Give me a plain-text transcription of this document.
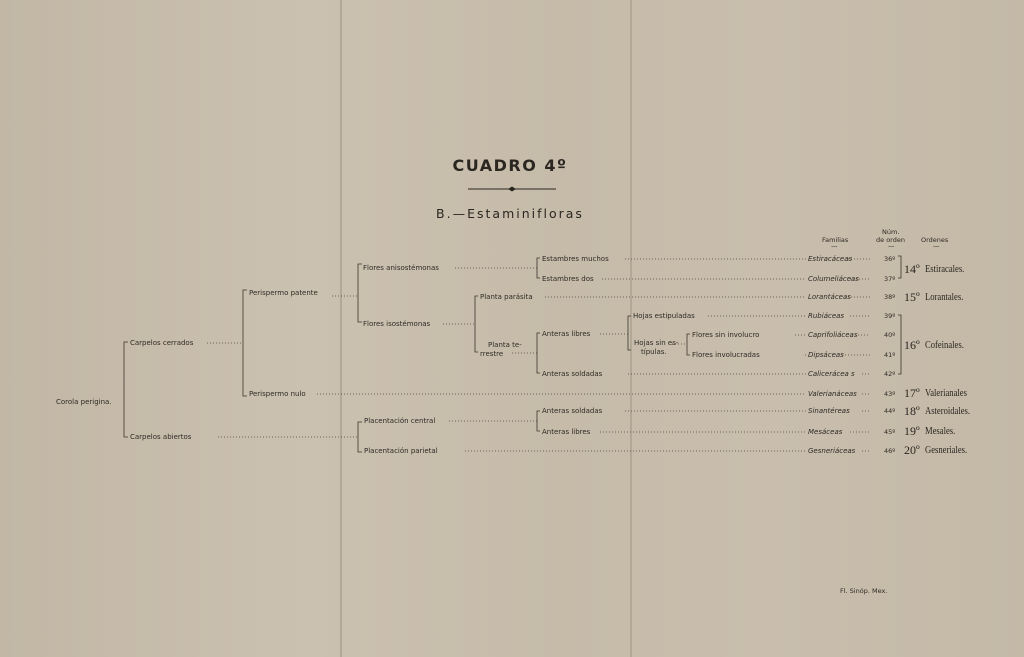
CUADRO 4º
B.—Estaminifloras
Familias
—
Núm.
de orden
—
Ordenes
—
Corola perigina.
Carpelos cerrados
Carpelos abiertos
Perispermo patente
Perispermo nulo
Flores anisostémonas
Flores isostémonas
Estambres muchos
Estambres dos
Planta parásita
Planta te-
rrestre
Anteras libres
Anteras soldadas
Hojas estipuladas
Hojas sin es-
típulas.
Flores sin involucro
Flores involucradas
Placentación central
Placentación parietal
Anteras soldadas
Anteras libres
Estiracáceas
Columeliáceas
Lorantáceas
Rubiáceas
Caprifoliáceas
Dipsáceas
Calicerácea s
Valerianáceas
Sinantéreas
Mesáceas
Gesneriáceas
36º
37º
38º
39º
40º
41º
42º
43º
44º
45º
46º
14º Estiracales.
15º Lorantales.
16º Cofeinales.
17º Valerianales
18º Asteroidales.
19º Mesales.
20º Gesneriales.
Fl. Sinóp. Mex.
